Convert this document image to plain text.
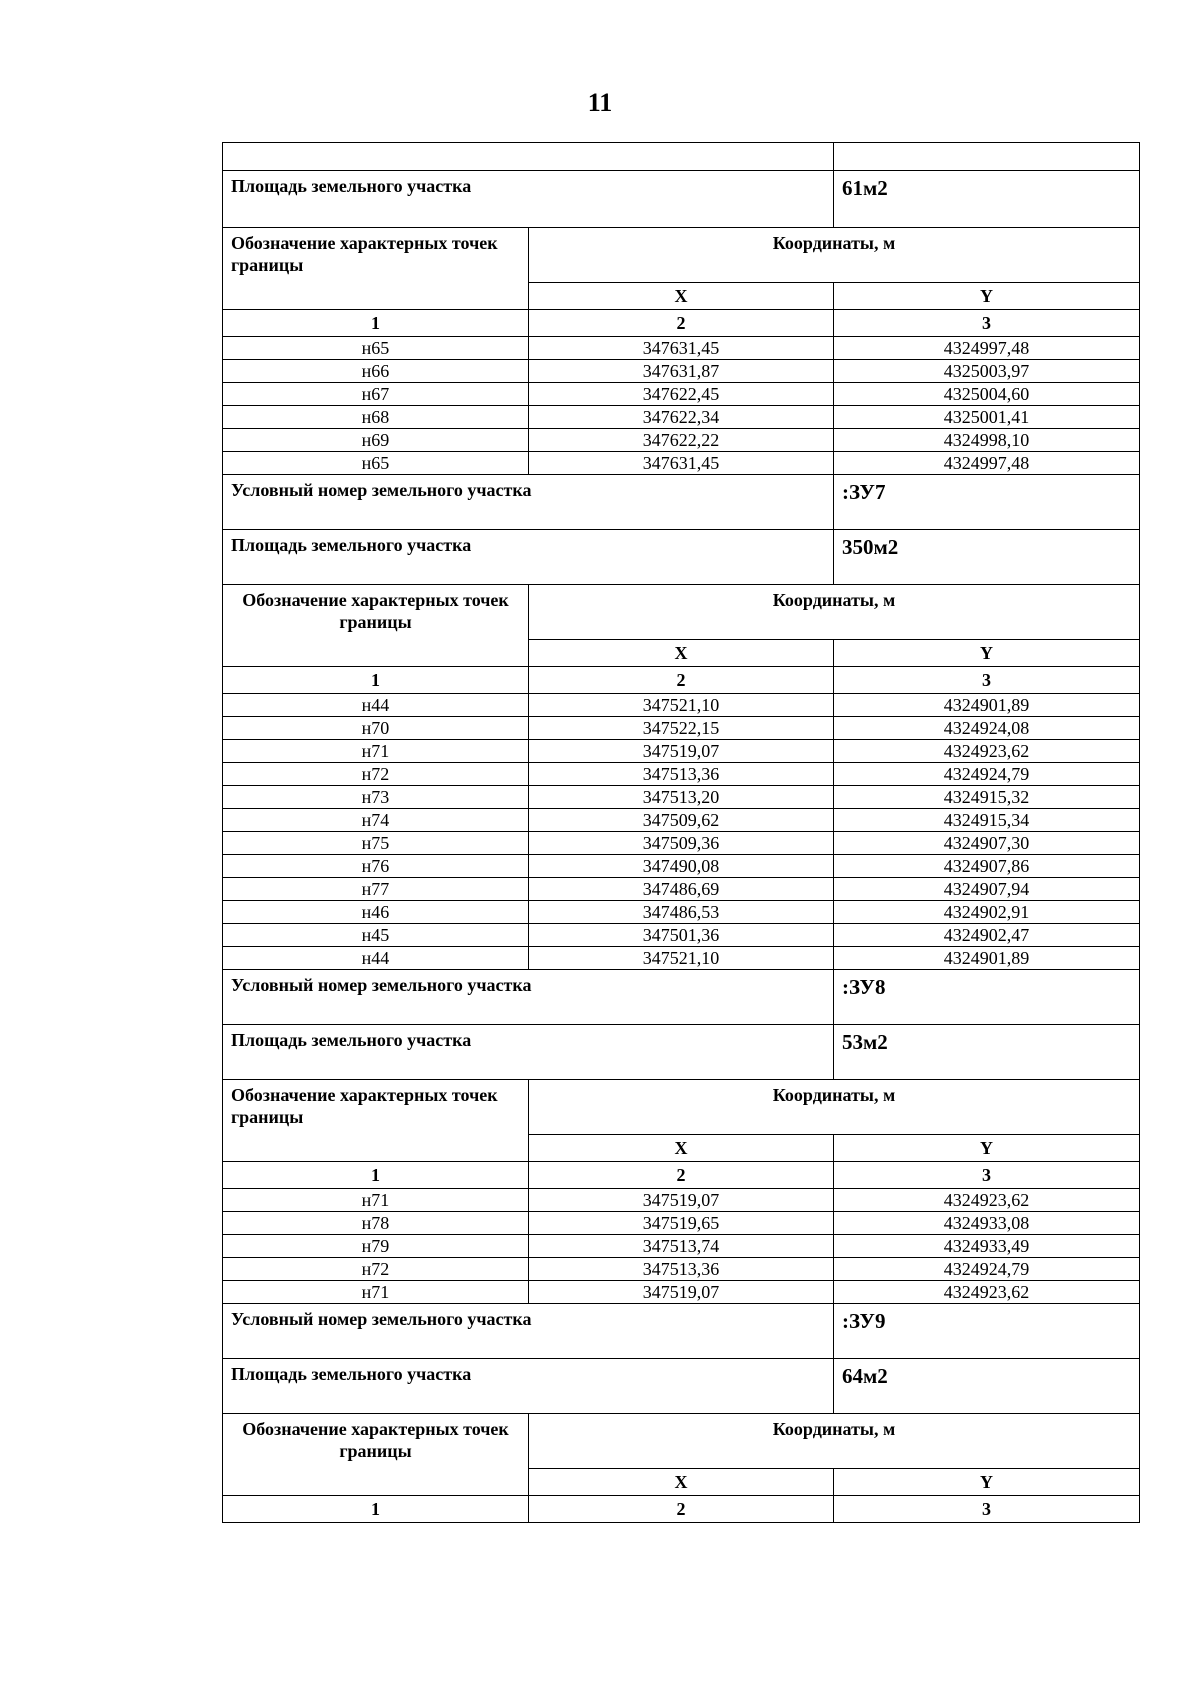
11

Площадь земельного участка		61м2
Обозначение характерных точек границы	Координаты, м	
	X	Y
1	2	3
н65	347631,45	4324997,48
н66	347631,87	4325003,97
н67	347622,45	4325004,60
н68	347622,34	4325001,41
н69	347622,22	4324998,10
н65	347631,45	4324997,48
Условный номер земельного участка		:ЗУ7
Площадь земельного участка		350м2
Обозначение характерных точек границы	Координаты, м	
	X	Y
1	2	3
н44	347521,10	4324901,89
н70	347522,15	4324924,08
н71	347519,07	4324923,62
н72	347513,36	4324924,79
н73	347513,20	4324915,32
н74	347509,62	4324915,34
н75	347509,36	4324907,30
н76	347490,08	4324907,86
н77	347486,69	4324907,94
н46	347486,53	4324902,91
н45	347501,36	4324902,47
н44	347521,10	4324901,89
Условный номер земельного участка		:ЗУ8
Площадь земельного участка		53м2
Обозначение характерных точек границы	Координаты, м	
	X	Y
1	2	3
н71	347519,07	4324923,62
н78	347519,65	4324933,08
н79	347513,74	4324933,49
н72	347513,36	4324924,79
н71	347519,07	4324923,62
Условный номер земельного участка		:ЗУ9
Площадь земельного участка		64м2
Обозначение характерных точек границы	Координаты, м	
	X	Y
1	2	3
